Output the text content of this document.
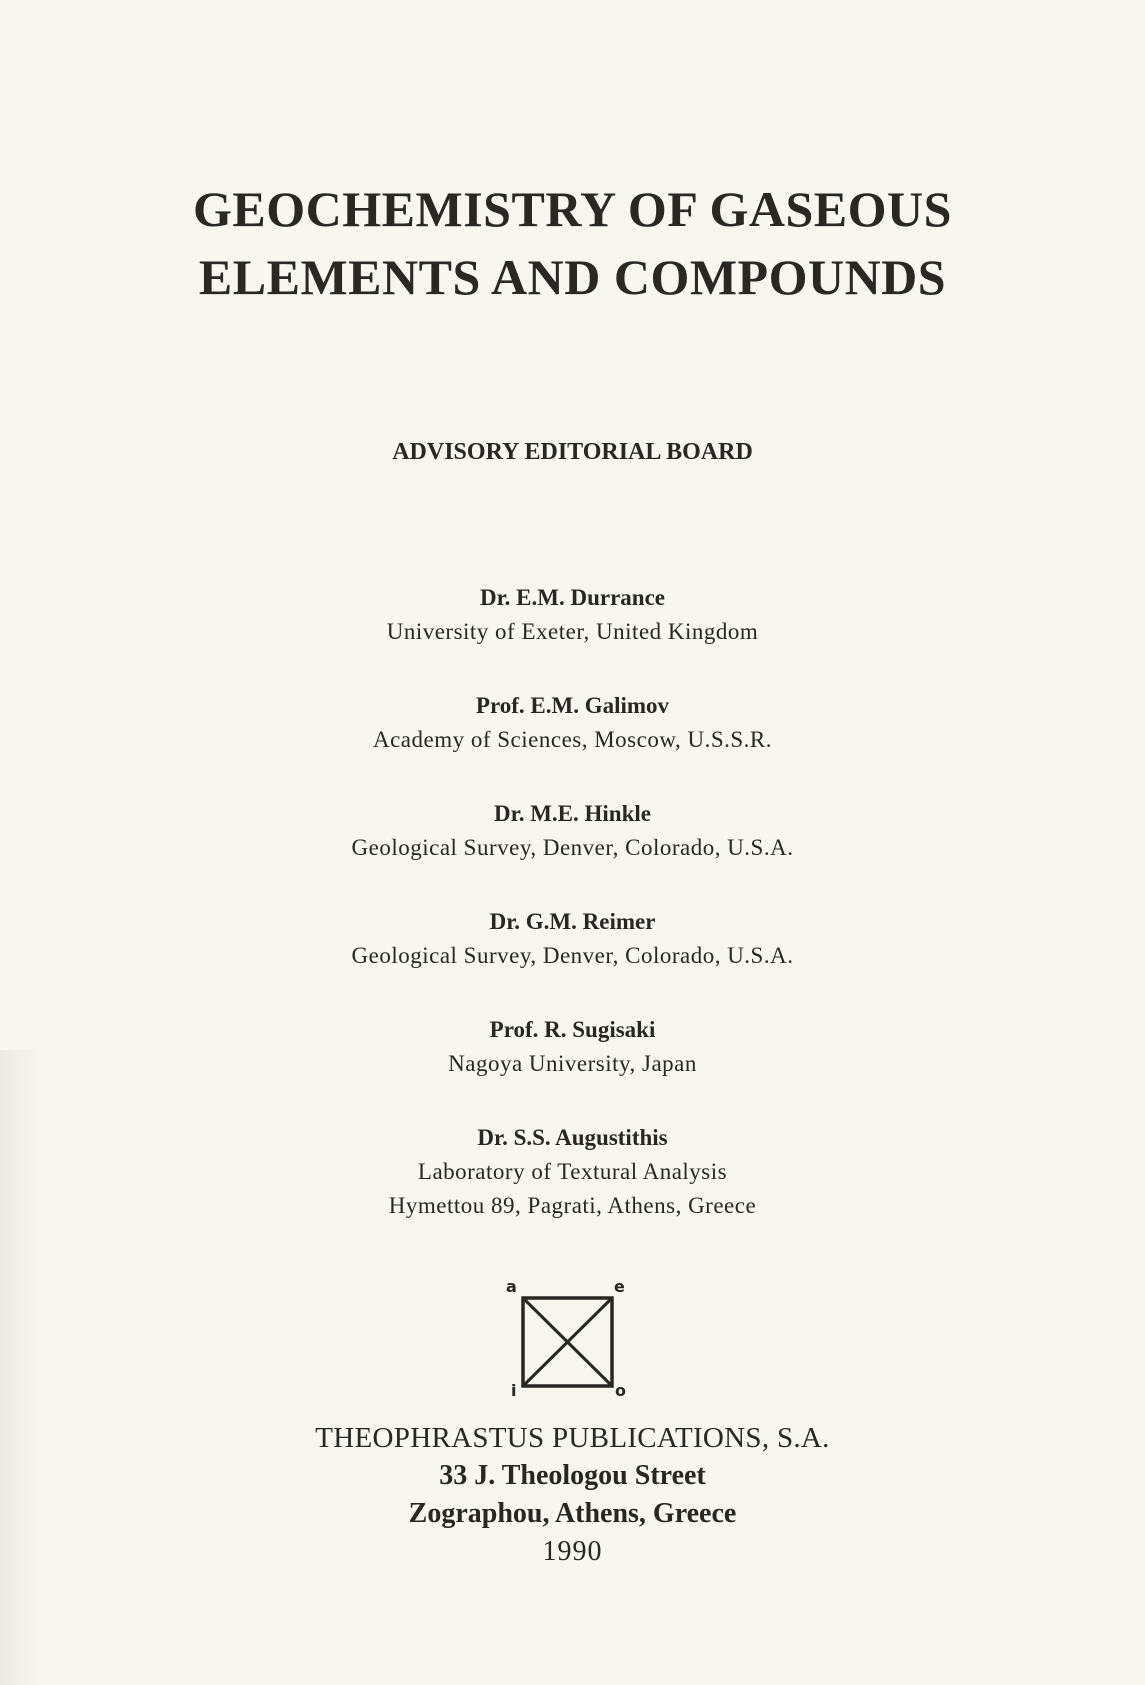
GEOCHEMISTRY OF GASEOUS
ELEMENTS AND COMPOUNDS
ADVISORY EDITORIAL BOARD
Dr. E.M. Durrance
University of Exeter, United Kingdom
Prof. E.M. Galimov
Academy of Sciences, Moscow, U.S.S.R.
Dr. M.E. Hinkle
Geological Survey, Denver, Colorado, U.S.A.
Dr. G.M. Reimer
Geological Survey, Denver, Colorado, U.S.A.
Prof. R. Sugisaki
Nagoya University, Japan
Dr. S.S. Augustithis
Laboratory of Textural Analysis
Hymettou 89, Pagrati, Athens, Greece
a	e
i	o
THEOPHRASTUS PUBLICATIONS, S.A.
33 J. Theologou Street
Zographou, Athens, Greece
1990
